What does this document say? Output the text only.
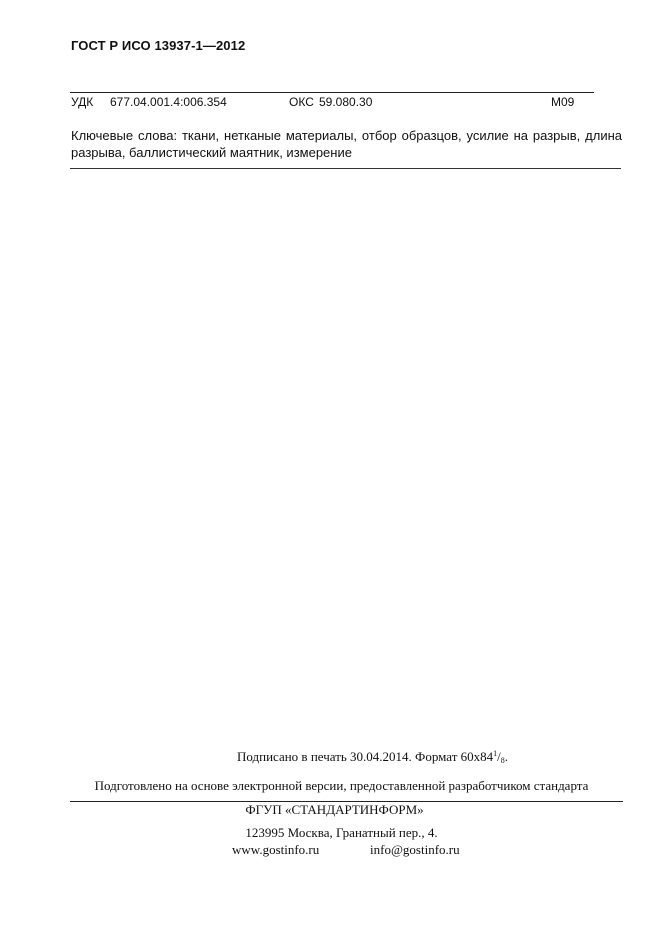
ГОСТ Р ИСО 13937-1—2012
УДК 677.04.001.4:006.354	ОКС 59.080.30	М09
Ключевые слова: ткани, нетканые материалы, отбор образцов, усилие на разрыв, длина разрыва, баллистический маятник, измерение
Подписано в печать 30.04.2014. Формат $60х84^1/_8$.
Подготовлено на основе электронной версии, предоставленной разработчиком стандарта
ФГУП «СТАНДАРТИНФОРМ»
123995 Москва, Гранатный пер., 4.
www.gostinfo.ru	info@gostinfo.ru
